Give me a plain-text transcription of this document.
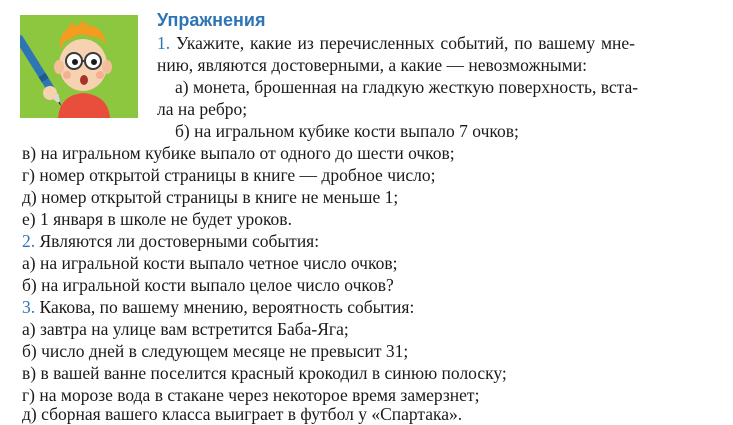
Упражнения
1. Укажите, какие из перечисленных событий, по вашему мне-
нию, являются достоверными, а какие — невозможными:
а) монета, брошенная на гладкую жесткую поверхность, вста-
ла на ребро;
б) на игральном кубике кости выпало 7 очков;
в) на игральном кубике выпало от одного до шести очков;
г) номер открытой страницы в книге — дробное число;
д) номер открытой страницы в книге не меньше 1;
е) 1 января в школе не будет уроков.
2. Являются ли достоверными события:
а) на игральной кости выпало четное число очков;
б) на игральной кости выпало целое число очков?
3. Какова, по вашему мнению, вероятность события:
а) завтра на улице вам встретится Баба-Яга;
б) число дней в следующем месяце не превысит 31;
в) в вашей ванне поселится красный крокодил в синюю полоску;
г) на морозе вода в стакане через некоторое время замерзнет;
д) сборная вашего класса выиграет в футбол у «Спартака».
